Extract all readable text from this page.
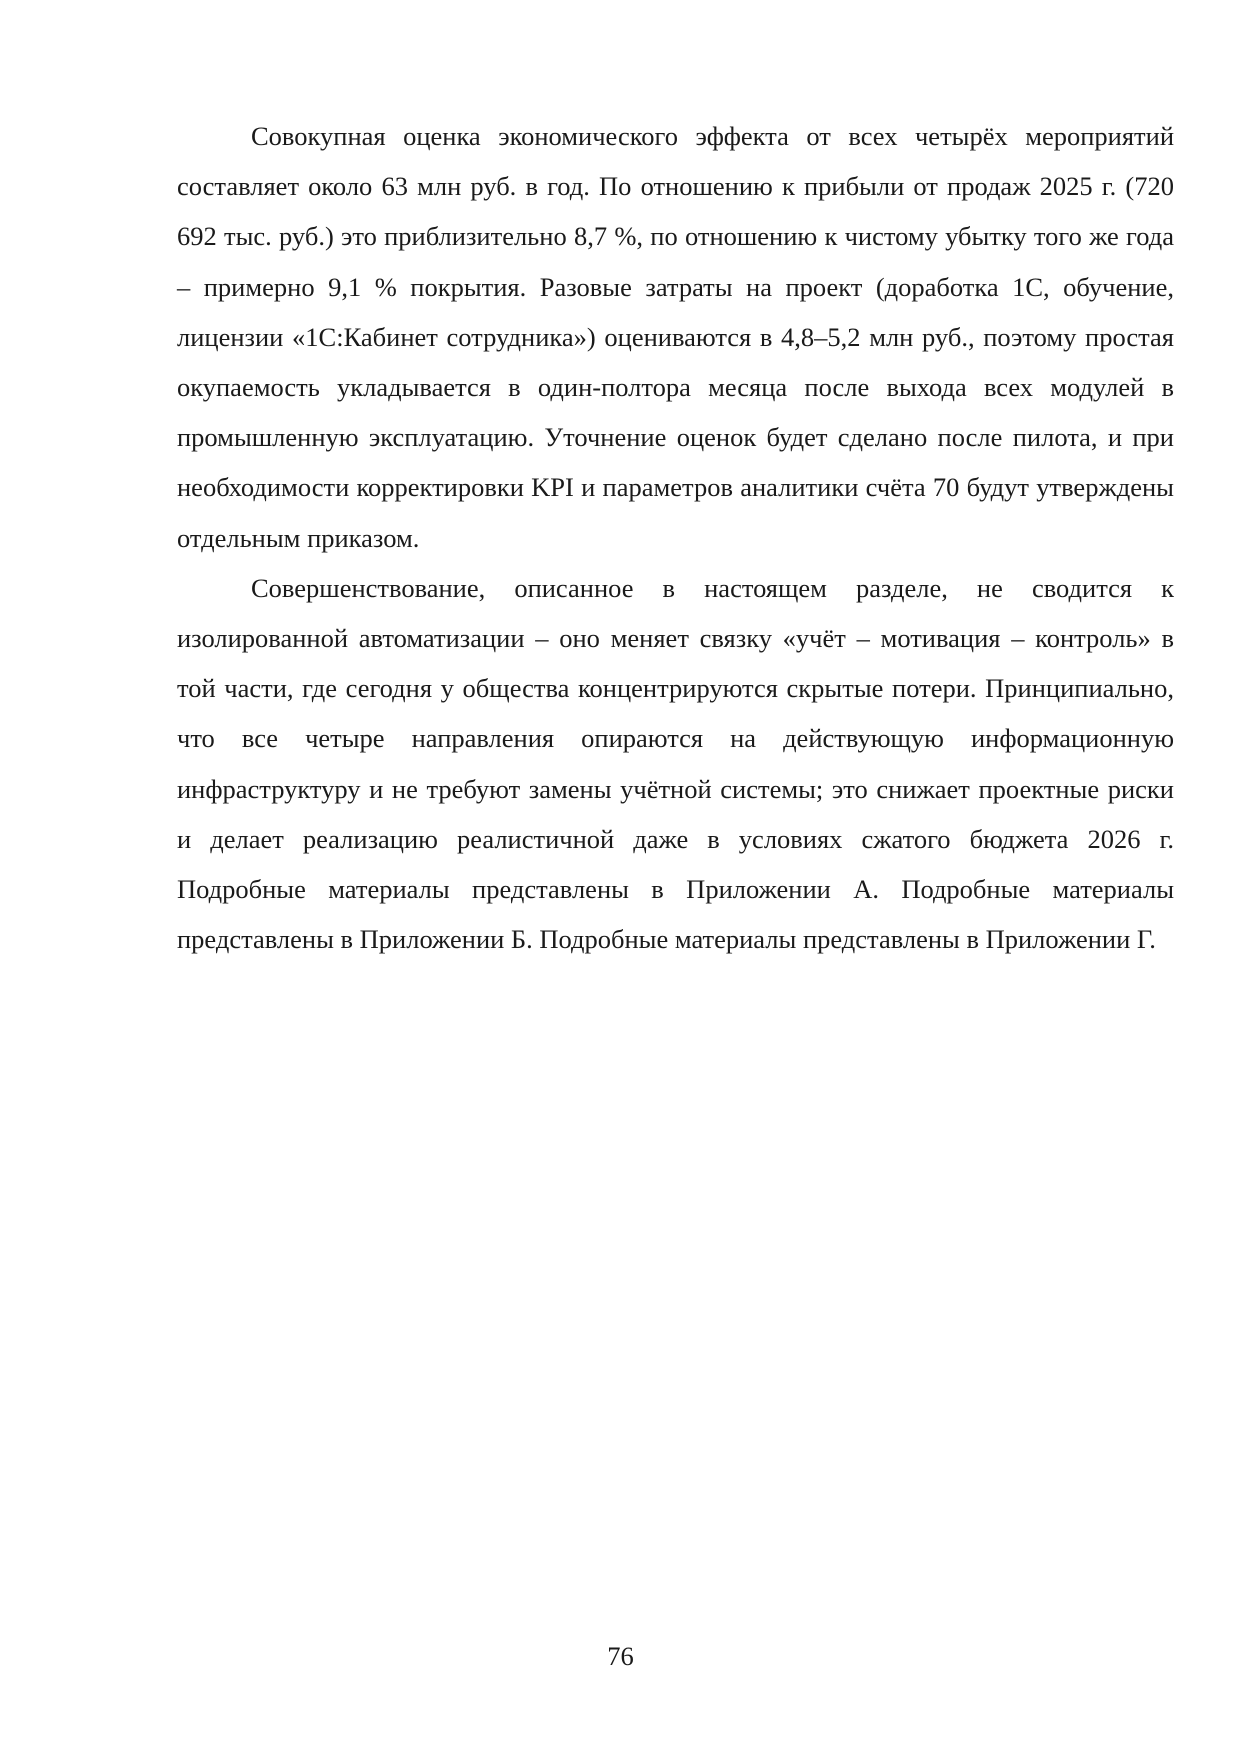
Совокупная оценка экономического эффекта от всех четырёх мероприятий составляет около 63 млн руб. в год. По отношению к прибыли от продаж 2025 г. (720 692 тыс. руб.) это приблизительно 8,7 %, по отношению к чистому убытку того же года – примерно 9,1 % покрытия. Разовые затраты на проект (доработка 1С, обучение, лицензии «1С:Кабинет сотрудника») оцениваются в 4,8–5,2 млн руб., поэтому простая окупаемость укладывается в один-полтора месяца после выхода всех модулей в промышленную эксплуатацию. Уточнение оценок будет сделано после пилота, и при необходимости корректировки KPI и параметров аналитики счёта 70 будут утверждены отдельным приказом.

Совершенствование, описанное в настоящем разделе, не сводится к изолированной автоматизации – оно меняет связку «учёт – мотивация – контроль» в той части, где сегодня у общества концентрируются скрытые потери. Принципиально, что все четыре направления опираются на действующую информационную инфраструктуру и не требуют замены учётной системы; это снижает проектные риски и делает реализацию реалистичной даже в условиях сжатого бюджета 2026 г. Подробные материалы представлены в Приложении А. Подробные материалы представлены в Приложении Б. Подробные материалы представлены в Приложении Г.

76
